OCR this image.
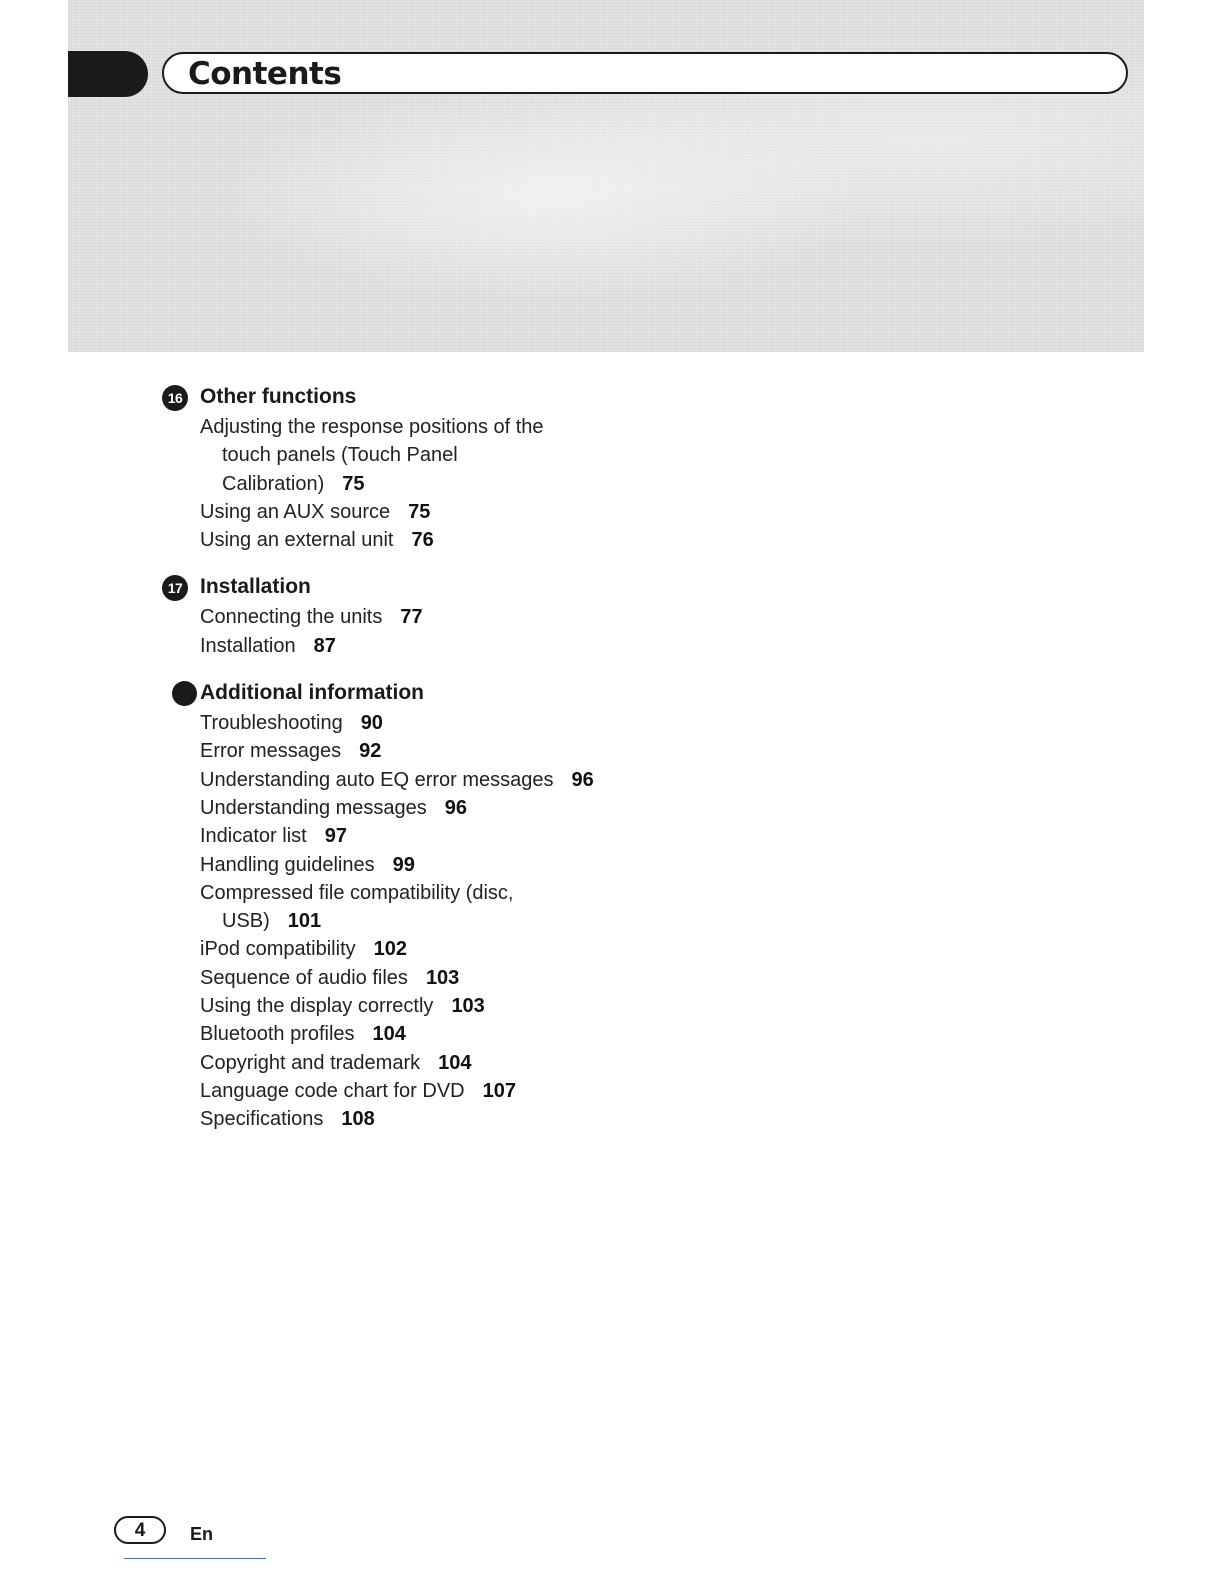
Contents
16 Other functions
Adjusting the response positions of the
touch panels (Touch Panel
Calibration) 75
Using an AUX source 75
Using an external unit 76
17 Installation
Connecting the units 77
Installation 87
Additional information
Troubleshooting 90
Error messages 92
Understanding auto EQ error messages 96
Understanding messages 96
Indicator list 97
Handling guidelines 99
Compressed file compatibility (disc,
USB) 101
iPod compatibility 102
Sequence of audio files 103
Using the display correctly 103
Bluetooth profiles 104
Copyright and trademark 104
Language code chart for DVD 107
Specifications 108
4	En
